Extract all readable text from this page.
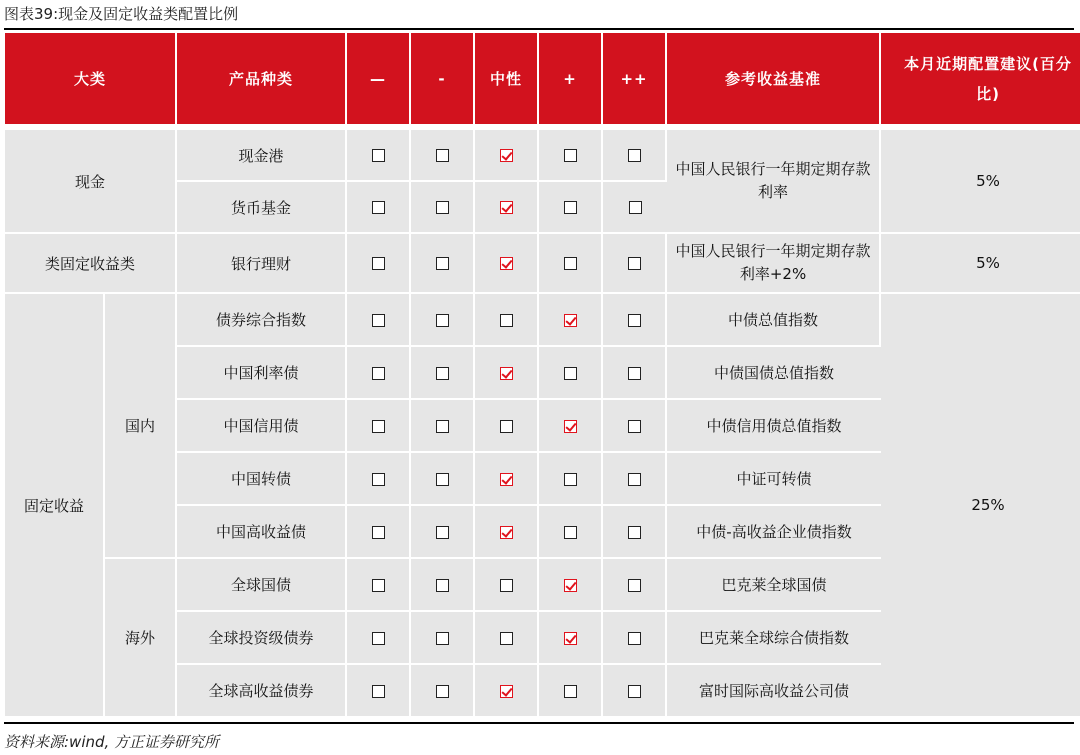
图表39:现金及固定收益类配置比例
大类		产品种类	—	-	中性	+	++	参考收益基准	本月近期配置建议(百分比)

现金		现金港						中国人民银行一年期定期存款利率	5%
		货币基金							
类固定收益类		银行理财						中国人民银行一年期定期存款利率+2%	5%
固定收益	国内	债券综合指数						中债总值指数	25%
		中国利率债						中债国债总值指数	
		中国信用债						中债信用债总值指数	
		中国转债						中证可转债	
		中国高收益债						中债-高收益企业债指数	
	海外	全球国债						巴克莱全球国债	
		全球投资级债券						巴克莱全球综合债指数	
		全球高收益债券						富时国际高收益公司债	
资料来源:wind, 方正证券研究所
